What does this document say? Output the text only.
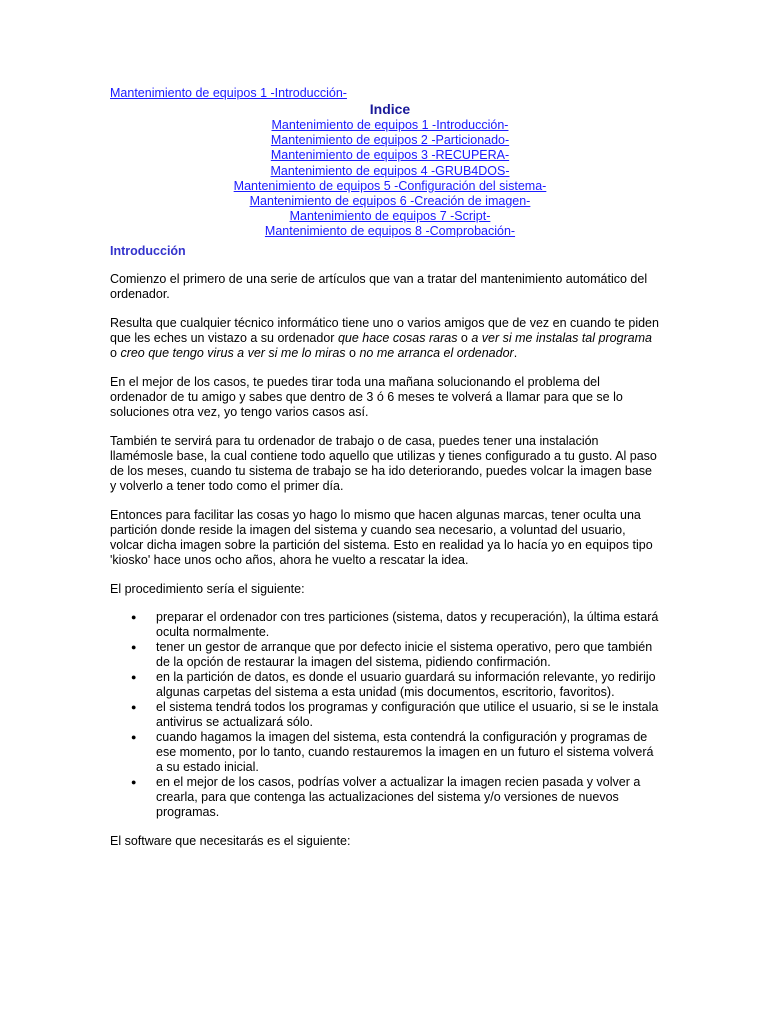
Mantenimiento de equipos 1 -Introducción-
Indice
Mantenimiento de equipos 1 -Introducción-
Mantenimiento de equipos 2 -Particionado-
Mantenimiento de equipos 3 -RECUPERA-
Mantenimiento de equipos 4 -GRUB4DOS-
Mantenimiento de equipos 5 -Configuración del sistema-
Mantenimiento de equipos 6 -Creación de imagen-
Mantenimiento de equipos 7 -Script-
Mantenimiento de equipos 8 -Comprobación-
Introducción

Comienzo el primero de una serie de artículos que van a tratar del mantenimiento automático del ordenador.

Resulta que cualquier técnico informático tiene uno o varios amigos que de vez en cuando te piden que les eches un vistazo a su ordenador que hace cosas raras o a ver si me instalas tal programa o creo que tengo virus a ver si me lo miras o no me arranca el ordenador.

En el mejor de los casos, te puedes tirar toda una mañana solucionando el problema del ordenador de tu amigo y sabes que dentro de 3 ó 6 meses te volverá a llamar para que se lo soluciones otra vez, yo tengo varios casos así.

También te servirá para tu ordenador de trabajo o de casa, puedes tener una instalación llamémosle base, la cual contiene todo aquello que utilizas y tienes configurado a tu gusto. Al paso de los meses, cuando tu sistema de trabajo se ha ido deteriorando, puedes volcar la imagen base y volverlo a tener todo como el primer día.

Entonces para facilitar las cosas yo hago lo mismo que hacen algunas marcas, tener oculta una partición donde reside la imagen del sistema y cuando sea necesario, a voluntad del usuario, volcar dicha imagen sobre la partición del sistema. Esto en realidad ya lo hacía yo en equipos tipo 'kiosko' hace unos ocho años, ahora he vuelto a rescatar la idea.

El procedimiento sería el siguiente:

● preparar el ordenador con tres particiones (sistema, datos y recuperación), la última estará oculta normalmente.
● tener un gestor de arranque que por defecto inicie el sistema operativo, pero que también de la opción de restaurar la imagen del sistema, pidiendo confirmación.
● en la partición de datos, es donde el usuario guardará su información relevante, yo redirijo algunas carpetas del sistema a esta unidad (mis documentos, escritorio, favoritos).
● el sistema tendrá todos los programas y configuración que utilice el usuario, si se le instala antivirus se actualizará sólo.
● cuando hagamos la imagen del sistema, esta contendrá la configuración y programas de ese momento, por lo tanto, cuando restauremos la imagen en un futuro el sistema volverá a su estado inicial.
● en el mejor de los casos, podrías volver a actualizar la imagen recien pasada y volver a crearla, para que contenga las actualizaciones del sistema y/o versiones de nuevos programas.

El software que necesitarás es el siguiente:
